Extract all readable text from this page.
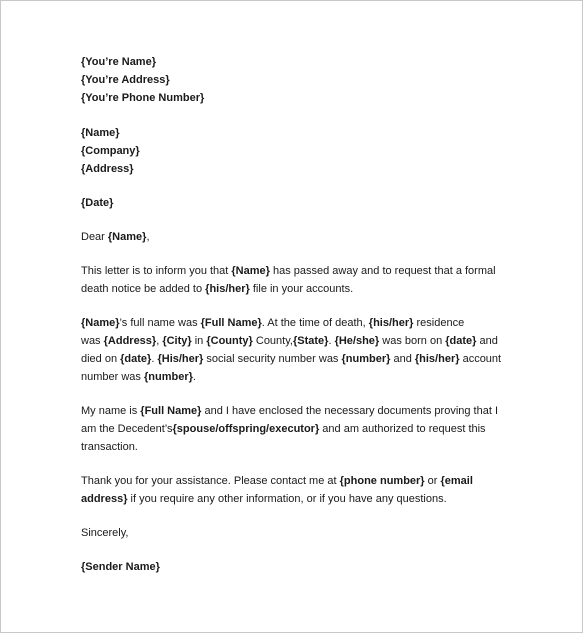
{You’re Name}
{You’re Address}
{You’re Phone Number}
{Name}
{Company}
{Address}
{Date}
Dear {Name},
This letter is to inform you that {Name} has passed away and to request that a formal
death notice be added to {his/her} file in your accounts.
{Name}’s full name was {Full Name}. At the time of death, {his/her} residence
was {Address}, {City} in {County} County,{State}. {He/she} was born on {date} and
died on {date}. {His/her} social security number was {number} and {his/her} account
number was {number}.
My name is {Full Name} and I have enclosed the necessary documents proving that I
am the Decedent’s{spouse/offspring/executor} and am authorized to request this
transaction.
Thank you for your assistance. Please contact me at {phone number} or {email
address} if you require any other information, or if you have any questions.
Sincerely,
{Sender Name}
